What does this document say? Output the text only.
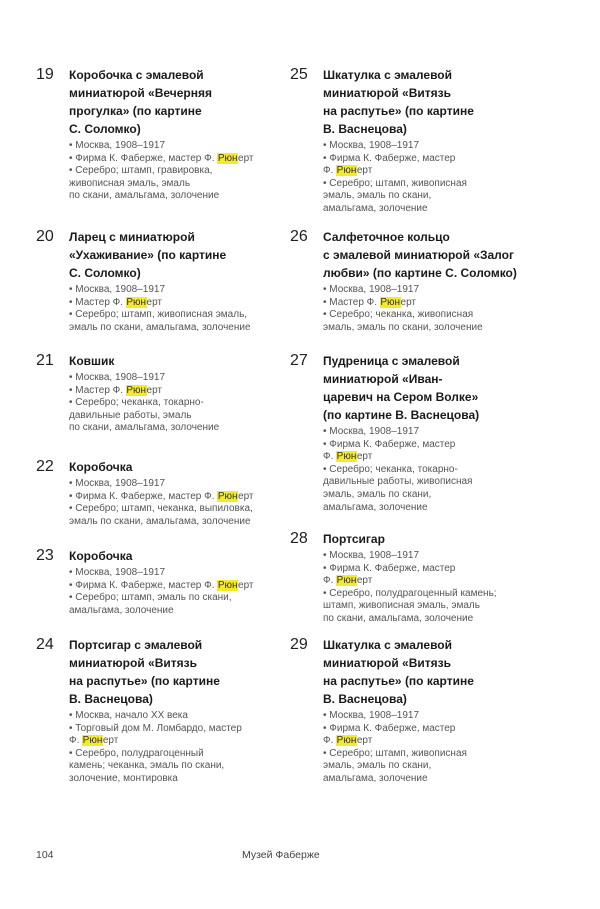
19	Коробочка с эмалевой
миниатюрой «Вечерняя
прогулка» (по картине
С. Соломко)
• Москва, 1908–1917
• Фирма К. Фаберже, мастер Ф. Рюнерт
• Серебро; штамп, гравировка,
живописная эмаль, эмаль
по скани, амальгама, золочение
20	Ларец с миниатюрой
«Ухаживание» (по картине
С. Соломко)
• Москва, 1908–1917
• Мастер Ф. Рюнерт
• Серебро; штамп, живописная эмаль,
эмаль по скани, амальгама, золочение
21	Ковшик
• Москва, 1908–1917
• Мастер Ф. Рюнерт
• Серебро; чеканка, токарно-
давильные работы, эмаль
по скани, амальгама, золочение
22	Коробочка
• Москва, 1908–1917
• Фирма К. Фаберже, мастер Ф. Рюнерт
• Серебро; штамп, чеканка, выпиловка,
эмаль по скани, амальгама, золочение
23	Коробочка
• Москва, 1908–1917
• Фирма К. Фаберже, мастер Ф. Рюнерт
• Серебро; штамп, эмаль по скани,
амальгама, золочение
24	Портсигар с эмалевой
миниатюрой «Витязь
на распутье» (по картине
В. Васнецова)
• Москва, начало XX века
• Торговый дом М. Ломбардо, мастер
Ф. Рюнерт
• Серебро, полудрагоценный
камень; чеканка, эмаль по скани,
золочение, монтировка
25	Шкатулка с эмалевой
миниатюрой «Витязь
на распутье» (по картине
В. Васнецова)
• Москва, 1908–1917
• Фирма К. Фаберже, мастер
Ф. Рюнерт
• Серебро; штамп, живописная
эмаль, эмаль по скани,
амальгама, золочение
26	Салфеточное кольцо
с эмалевой миниатюрой «Залог
любви» (по картине С. Соломко)
• Москва, 1908–1917
• Мастер Ф. Рюнерт
• Серебро; чеканка, живописная
эмаль, эмаль по скани, золочение
27	Пудреница с эмалевой
миниатюрой «Иван-
царевич на Сером Волке»
(по картине В. Васнецова)
• Москва, 1908–1917
• Фирма К. Фаберже, мастер
Ф. Рюнерт
• Серебро; чеканка, токарно-
давильные работы, живописная
эмаль, эмаль по скани,
амальгама, золочение
28	Портсигар
• Москва, 1908–1917
• Фирма К. Фаберже, мастер
Ф. Рюнерт
• Серебро, полудрагоценный камень;
штамп, живописная эмаль, эмаль
по скани, амальгама, золочение
29	Шкатулка с эмалевой
миниатюрой «Витязь
на распутье» (по картине
В. Васнецова)
• Москва, 1908–1917
• Фирма К. Фаберже, мастер
Ф. Рюнерт
• Серебро; штамп, живописная
эмаль, эмаль по скани,
амальгама, золочение
104	Музей Фаберже
